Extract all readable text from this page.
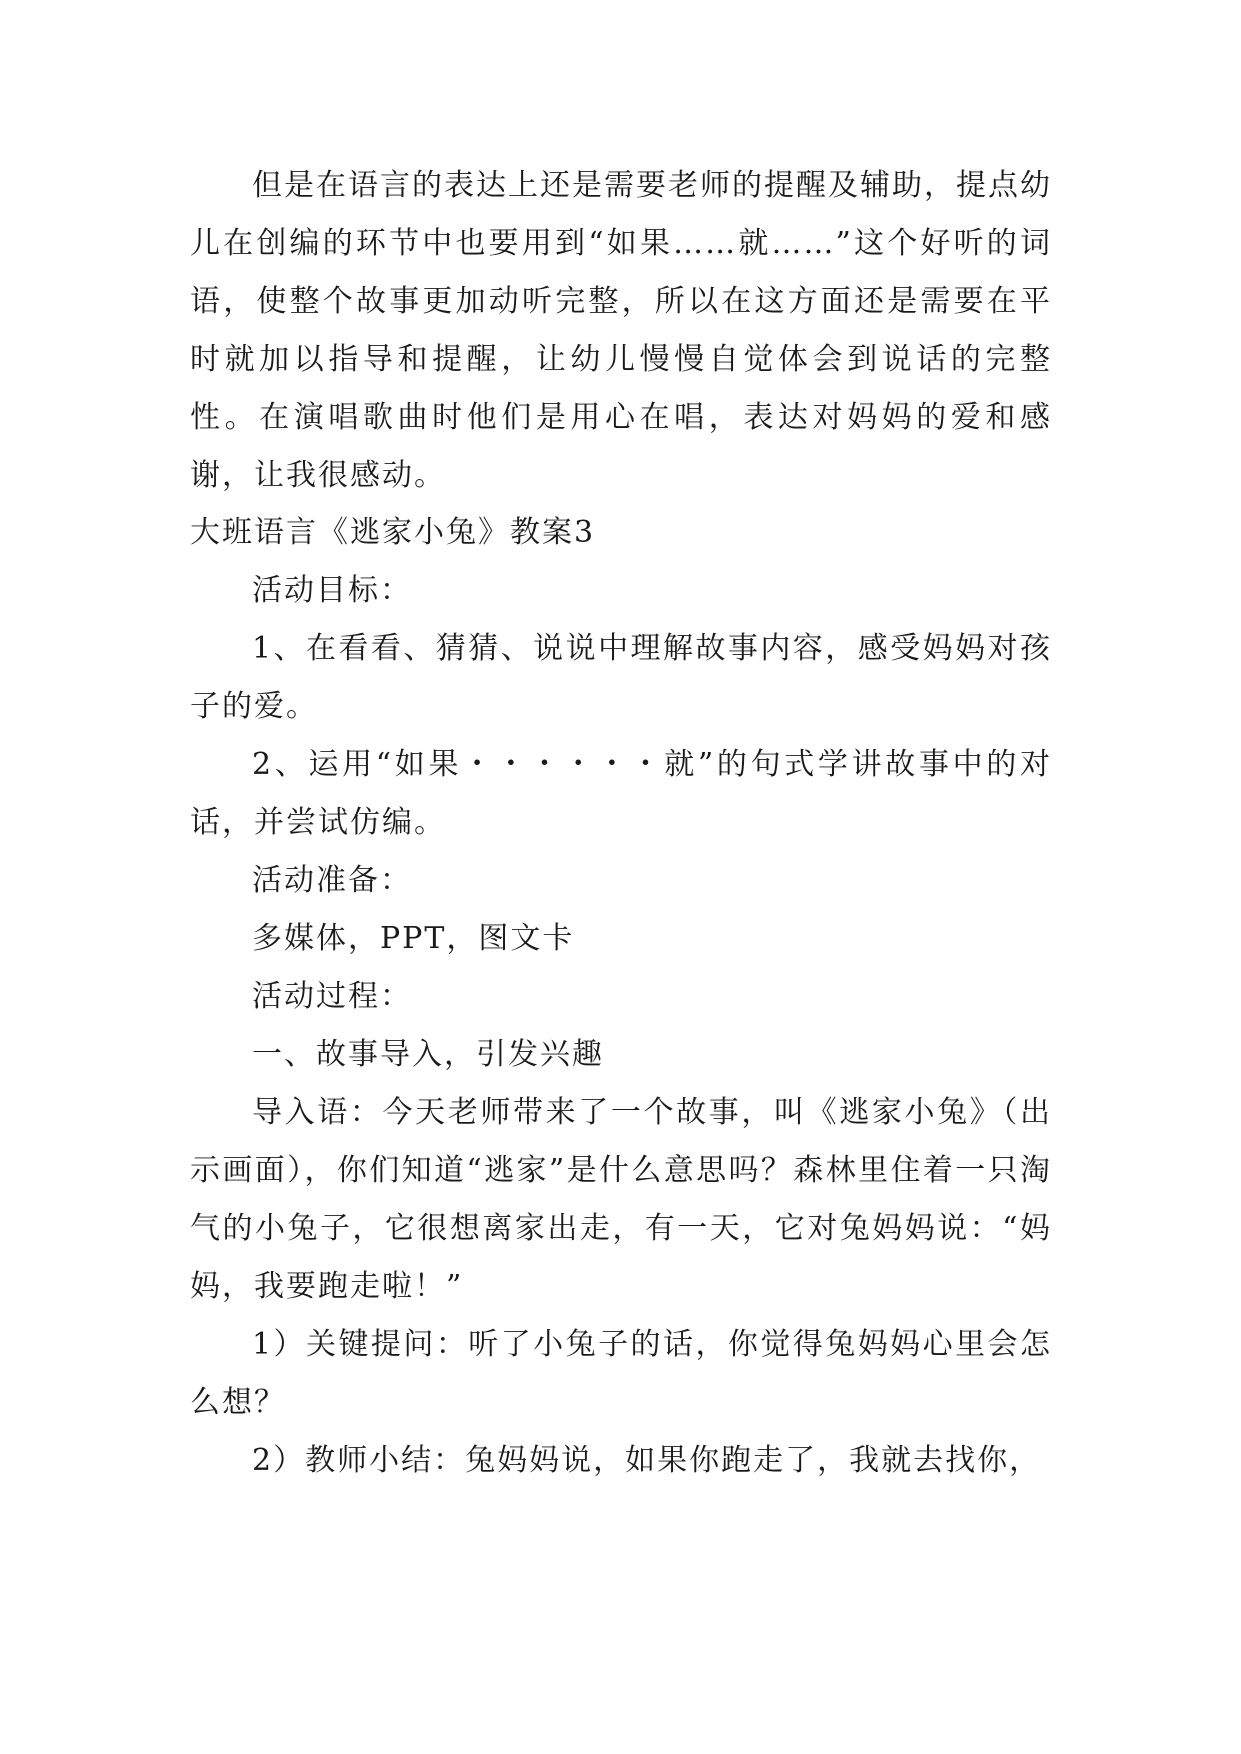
但是在语言的表达上还是需要老师的提醒及辅助，提点幼儿在创编的环节中也要用到“如果……就……”这个好听的词语，使整个故事更加动听完整，所以在这方面还是需要在平时就加以指导和提醒，让幼儿慢慢自觉体会到说话的完整性。在演唱歌曲时他们是用心在唱，表达对妈妈的爱和感谢，让我很感动。

大班语言《逃家小兔》教案3

活动目标：

1、在看看、猜猜、说说中理解故事内容，感受妈妈对孩子的爱。

2、运用“如果・・・・・・就”的句式学讲故事中的对话，并尝试仿编。

活动准备：

多媒体，PPT，图文卡

活动过程：

一、故事导入，引发兴趣

导入语：今天老师带来了一个故事，叫《逃家小兔》（出示画面），你们知道“逃家”是什么意思吗？森林里住着一只淘气的小兔子，它很想离家出走，有一天，它对兔妈妈说：“妈妈，我要跑走啦！”

1）关键提问：听了小兔子的话，你觉得兔妈妈心里会怎么想？

2）教师小结：兔妈妈说，如果你跑走了，我就去找你，
